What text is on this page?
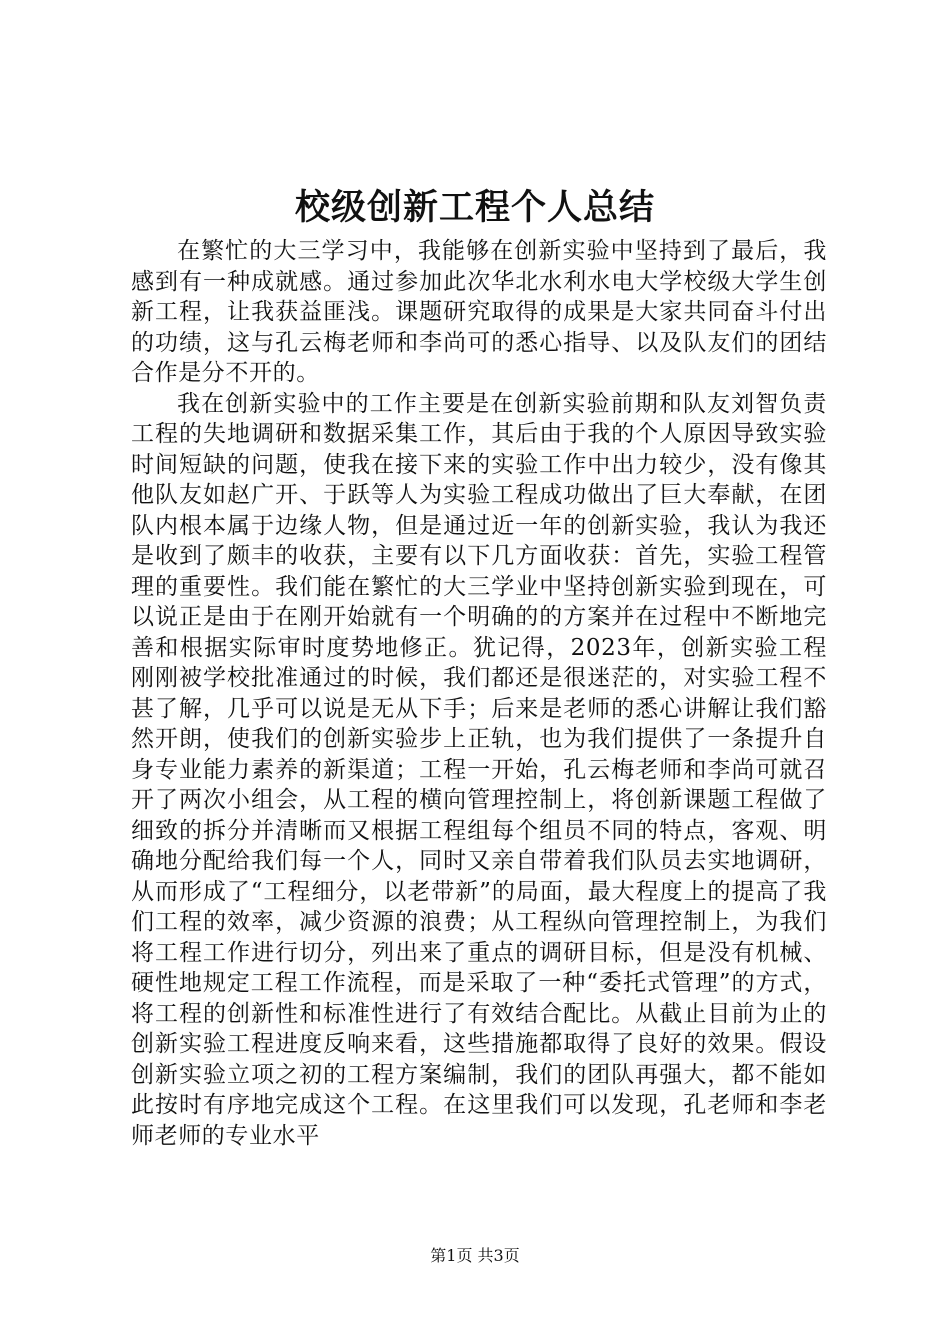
校级创新工程个人总结

在繁忙的大三学习中，我能够在创新实验中坚持到了最后，我感到有一种成就感。通过参加此次华北水利水电大学校级大学生创新工程，让我获益匪浅。课题研究取得的成果是大家共同奋斗付出的功绩，这与孔云梅老师和李尚可的悉心指导、以及队友们的团结合作是分不开的。

我在创新实验中的工作主要是在创新实验前期和队友刘智负责工程的失地调研和数据采集工作，其后由于我的个人原因导致实验时间短缺的问题，使我在接下来的实验工作中出力较少，没有像其他队友如赵广开、于跃等人为实验工程成功做出了巨大奉献，在团队内根本属于边缘人物，但是通过近一年的创新实验，我认为我还是收到了颇丰的收获，主要有以下几方面收获：首先，实验工程管理的重要性。我们能在繁忙的大三学业中坚持创新实验到现在，可以说正是由于在刚开始就有一个明确的的方案并在过程中不断地完善和根据实际审时度势地修正。犹记得，2023年，创新实验工程刚刚被学校批准通过的时候，我们都还是很迷茫的，对实验工程不甚了解，几乎可以说是无从下手；后来是老师的悉心讲解让我们豁然开朗，使我们的创新实验步上正轨，也为我们提供了一条提升自身专业能力素养的新渠道；工程一开始，孔云梅老师和李尚可就召开了两次小组会，从工程的横向管理控制上，将创新课题工程做了细致的拆分并清晰而又根据工程组每个组员不同的特点，客观、明确地分配给我们每一个人，同时又亲自带着我们队员去实地调研，从而形成了“工程细分，以老带新”的局面，最大程度上的提高了我们工程的效率，减少资源的浪费；从工程纵向管理控制上，为我们将工程工作进行切分，列出来了重点的调研目标，但是没有机械、硬性地规定工程工作流程，而是采取了一种“委托式管理”的方式，将工程的创新性和标准性进行了有效结合配比。从截止目前为止的创新实验工程进度反响来看，这些措施都取得了良好的效果。假设创新实验立项之初的工程方案编制，我们的团队再强大，都不能如此按时有序地完成这个工程。在这里我们可以发现，孔老师和李老师老师的专业水平

第1页 共3页
